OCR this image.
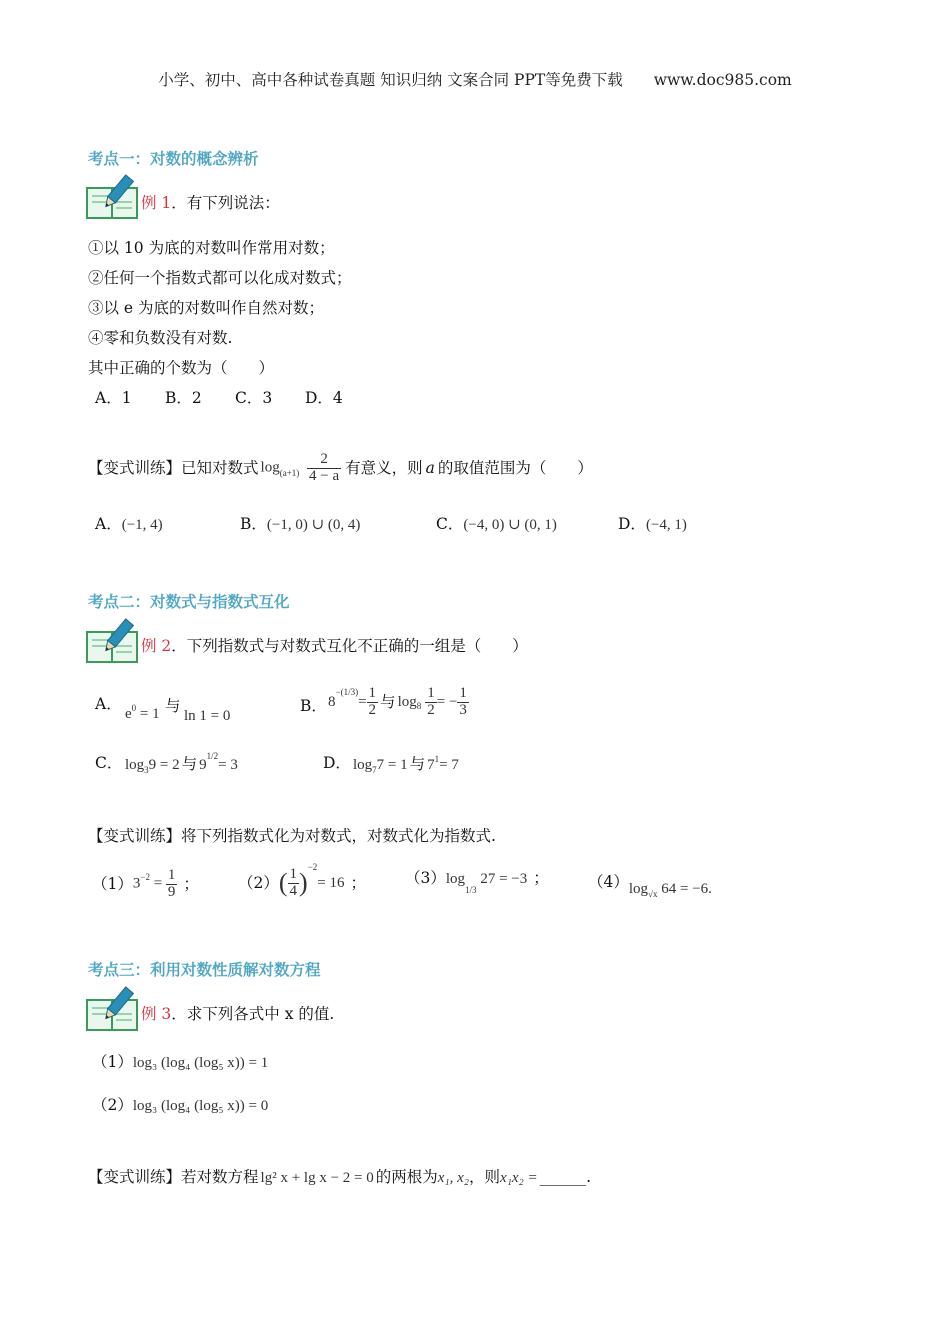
小学、初中、高中各种试卷真题 知识归纳 文案合同 PPT等免费下载 www.doc985.com
考点一：对数的概念辨析
例 1．有下列说法：
①以 10 为底的对数叫作常用对数；
②任何一个指数式都可以化成对数式；
③以 e 为底的对数叫作自然对数；
④零和负数没有对数.
其中正确的个数为（　　）
A．1 B．2 C．3 D．4
【变式训练】 已知对数式 $\log_{(a+1)} \frac{2}{4 - a}$ 有意义，则 a 的取值范围为（　　）
A．(−1, 4)	B．(−1, 0) ∪ (0, 4)	C．(−4, 0) ∪ (0, 1)	D．(−4, 1)
考点二：对数式与指数式互化
例 2．下列指数式与对数式互化不正确的一组是（　　）
A．
$e^0 = 1$ 与
ln 1 = 0
B． 8
−(1/3)
= $\frac{1}{2}$ 与 $\log 8 \frac{1}{2}$ = − $\frac{1}{3}$
C． log 3 9 = 2 与 9
1/2
= 3	D． log 7 7 = 1 与 7 1 = 7
【变式训练】将下列指数式化为对数式，对数式化为指数式.
（1） $3^{-2} = \frac{1}{9}$ ；	（2） ( $\frac{1}{4}$ )
−2
= 16 ；	（3） $\log_{1/3} 27 = -3$ ；	（4） $\log_{√x} 64 = -6$.
考点三：利用对数性质解对数方程
例 3．求下列各式中 x 的值.
（1） log₃ (log₄ (log₅ x)) = 1
（2） log₃ (log₄ (log₅ x)) = 0
【变式训练】 若对数方程 lg² x + lg x − 2 = 0 的两根为 x₁, x₂ ，则 x₁x₂ = ______ .
